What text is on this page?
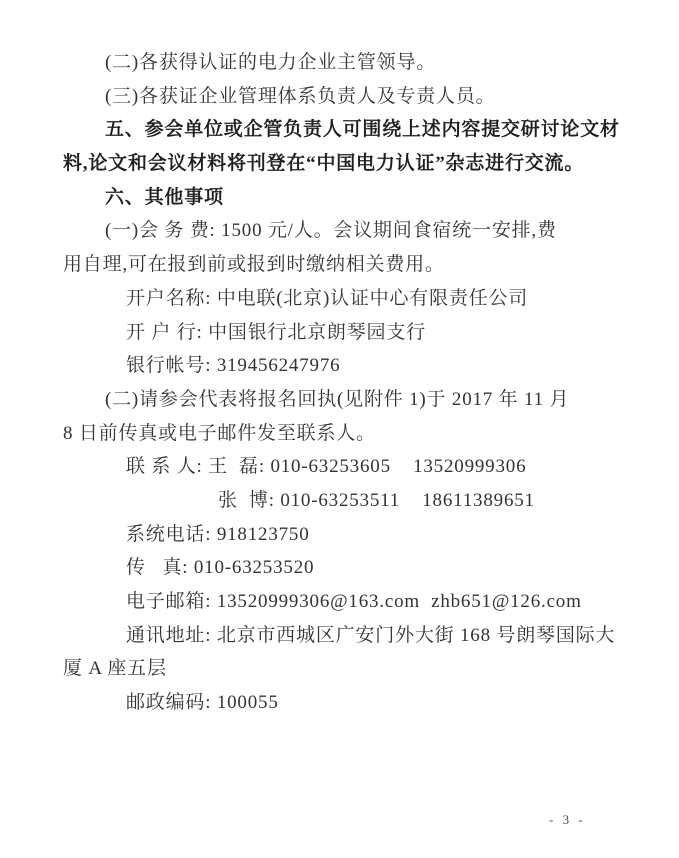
(二)各获得认证的电力企业主管领导。
(三)各获证企业管理体系负责人及专责人员。
五、参会单位或企管负责人可围绕上述内容提交研讨论文材
料,论文和会议材料将刊登在“中国电力认证”杂志进行交流。
六、其他事项
(一)会 务 费: 1500 元/人。会议期间食宿统一安排,费
用自理,可在报到前或报到时缴纳相关费用。
开户名称: 中电联(北京)认证中心有限责任公司
开 户 行: 中国银行北京朗琴园支行
银行帐号: 319456247976
(二)请参会代表将报名回执(见附件 1)于 2017 年 11 月
8 日前传真或电子邮件发至联系人。
联 系 人: 王  磊: 010-63253605    13520999306
张  博: 010-63253511    18611389651
系统电话: 918123750
传   真: 010-63253520
电子邮箱: 13520999306@163.com  zhb651@126.com
通讯地址: 北京市西城区广安门外大街 168 号朗琴国际大
厦 A 座五层
邮政编码: 100055
- 3 -
